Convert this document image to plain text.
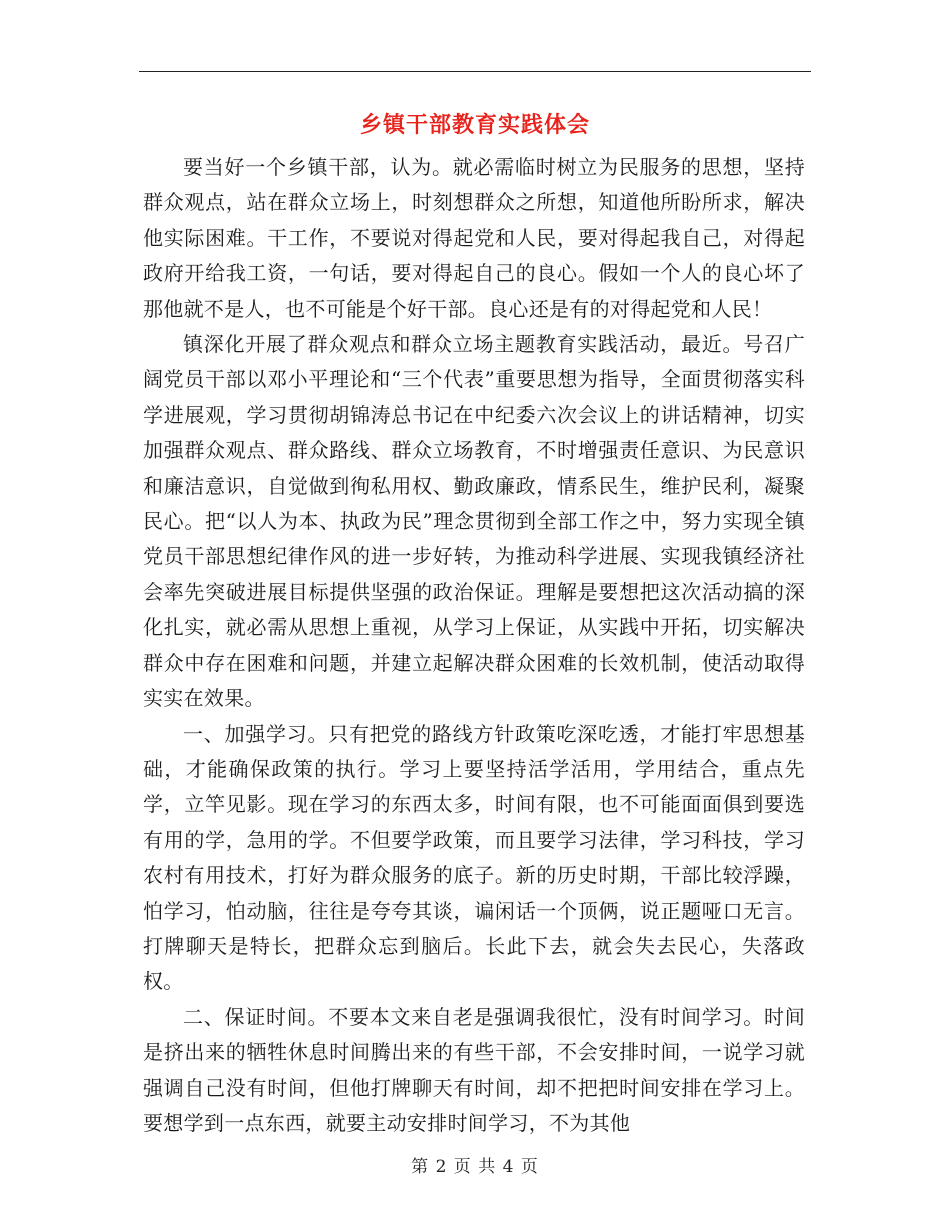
乡镇干部教育实践体会

要当好一个乡镇干部，认为。就必需临时树立为民服务的思想，坚持群众观点，站在群众立场上，时刻想群众之所想，知道他所盼所求，解决他实际困难。干工作，不要说对得起党和人民，要对得起我自己，对得起政府开给我工资，一句话，要对得起自己的良心。假如一个人的良心坏了那他就不是人，也不可能是个好干部。良心还是有的对得起党和人民！

镇深化开展了群众观点和群众立场主题教育实践活动，最近。号召广阔党员干部以邓小平理论和“三个代表”重要思想为指导，全面贯彻落实科学进展观，学习贯彻胡锦涛总书记在中纪委六次会议上的讲话精神，切实加强群众观点、群众路线、群众立场教育，不时增强责任意识、为民意识和廉洁意识，自觉做到徇私用权、勤政廉政，情系民生，维护民利，凝聚民心。把“以人为本、执政为民”理念贯彻到全部工作之中，努力实现全镇党员干部思想纪律作风的进一步好转，为推动科学进展、实现我镇经济社会率先突破进展目标提供坚强的政治保证。理解是要想把这次活动搞的深化扎实，就必需从思想上重视，从学习上保证，从实践中开拓，切实解决群众中存在困难和问题，并建立起解决群众困难的长效机制，使活动取得实实在效果。

一、加强学习。只有把党的路线方针政策吃深吃透，才能打牢思想基础，才能确保政策的执行。学习上要坚持活学活用，学用结合，重点先学，立竿见影。现在学习的东西太多，时间有限，也不可能面面俱到要选有用的学，急用的学。不但要学政策，而且要学习法律，学习科技，学习农村有用技术，打好为群众服务的底子。新的历史时期，干部比较浮躁，怕学习，怕动脑，往往是夸夸其谈，谝闲话一个顶俩，说正题哑口无言。打牌聊天是特长，把群众忘到脑后。长此下去，就会失去民心，失落政权。

二、保证时间。不要本文来自老是强调我很忙，没有时间学习。时间是挤出来的牺牲休息时间腾出来的有些干部，不会安排时间，一说学习就强调自己没有时间，但他打牌聊天有时间，却不把把时间安排在学习上。要想学到一点东西，就要主动安排时间学习，不为其他

第 2 页 共 4 页
